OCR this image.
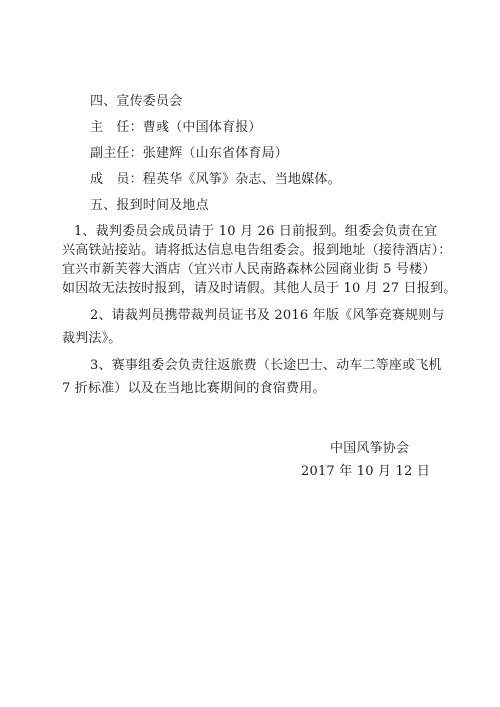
四、宣传委员会
主　任：曹彧（中国体育报）
副主任：张建辉（山东省体育局）
成　员：程英华《风筝》杂志、当地媒体。
五、报到时间及地点
1、裁判委员会成员请于 10 月 26 日前报到。组委会负责在宜
兴高铁站接站。请将抵达信息电告组委会。报到地址（接待酒店）：
宜兴市新芙蓉大酒店（宜兴市人民南路森林公园商业街 5 号楼）
如因故无法按时报到，请及时请假。其他人员于 10 月 27 日报到。
2、请裁判员携带裁判员证书及 2016 年版《风筝竞赛规则与
裁判法》。
3、赛事组委会负责往返旅费（长途巴士、动车二等座或飞机
7 折标准）以及在当地比赛期间的食宿费用。
中国风筝协会
2017 年 10 月 12 日
